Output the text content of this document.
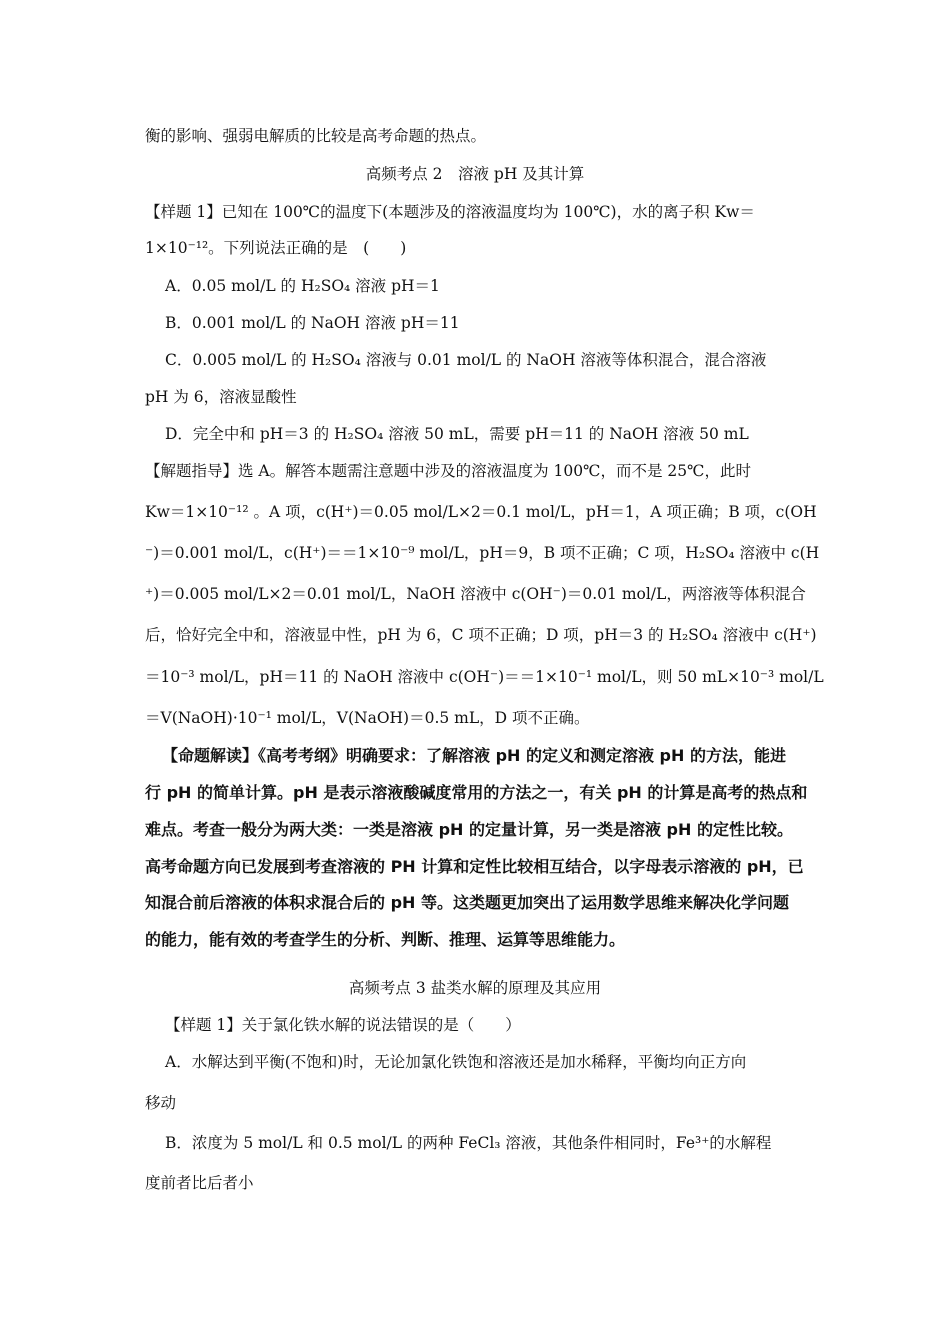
衡的影响、强弱电解质的比较是高考命题的热点。
高频考点 2　溶液 pH 及其计算
【样题 1】已知在 100℃的温度下(本题涉及的溶液温度均为 100℃)，水的离子积 Kw＝
1×10⁻¹²。下列说法正确的是　(　　)
A．0.05 mol/L 的 H₂SO₄ 溶液 pH＝1
B．0.001 mol/L 的 NaOH 溶液 pH＝11
C．0.005 mol/L 的 H₂SO₄ 溶液与 0.01 mol/L 的 NaOH 溶液等体积混合，混合溶液
pH 为 6，溶液显酸性
D．完全中和 pH＝3 的 H₂SO₄ 溶液 50 mL，需要 pH＝11 的 NaOH 溶液 50 mL
【解题指导】选 A。解答本题需注意题中涉及的溶液温度为 100℃，而不是 25℃，此时
Kw＝1×10⁻¹² 。A 项，c(H⁺)＝0.05 mol/L×2＝0.1 mol/L，pH＝1，A 项正确；B 项，c(OH
⁻)＝0.001 mol/L，c(H⁺)＝＝1×10⁻⁹ mol/L，pH＝9，B 项不正确；C 项，H₂SO₄ 溶液中 c(H
⁺)＝0.005 mol/L×2＝0.01 mol/L，NaOH 溶液中 c(OH⁻)＝0.01 mol/L，两溶液等体积混合
后，恰好完全中和，溶液显中性，pH 为 6，C 项不正确；D 项，pH＝3 的 H₂SO₄ 溶液中 c(H⁺)
＝10⁻³ mol/L，pH＝11 的 NaOH 溶液中 c(OH⁻)＝＝1×10⁻¹ mol/L，则 50 mL×10⁻³ mol/L
＝V(NaOH)·10⁻¹ mol/L，V(NaOH)＝0.5 mL，D 项不正确。
【命题解读】《高考考纲》明确要求：了解溶液 pH 的定义和测定溶液 pH 的方法，能进
行 pH 的简单计算。pH 是表示溶液酸碱度常用的方法之一，有关 pH 的计算是高考的热点和
难点。考查一般分为两大类：一类是溶液 pH 的定量计算，另一类是溶液 pH 的定性比较。
高考命题方向已发展到考查溶液的 PH 计算和定性比较相互结合，以字母表示溶液的 pH，已
知混合前后溶液的体积求混合后的 pH 等。这类题更加突出了运用数学思维来解决化学问题
的能力，能有效的考查学生的分析、判断、推理、运算等思维能力。
高频考点 3 盐类水解的原理及其应用
【样题 1】关于氯化铁水解的说法错误的是（　　）
A．水解达到平衡(不饱和)时，无论加氯化铁饱和溶液还是加水稀释，平衡均向正方向
移动
B．浓度为 5 mol/L 和 0.5 mol/L 的两种 FeCl₃ 溶液，其他条件相同时，Fe³⁺的水解程
度前者比后者小
